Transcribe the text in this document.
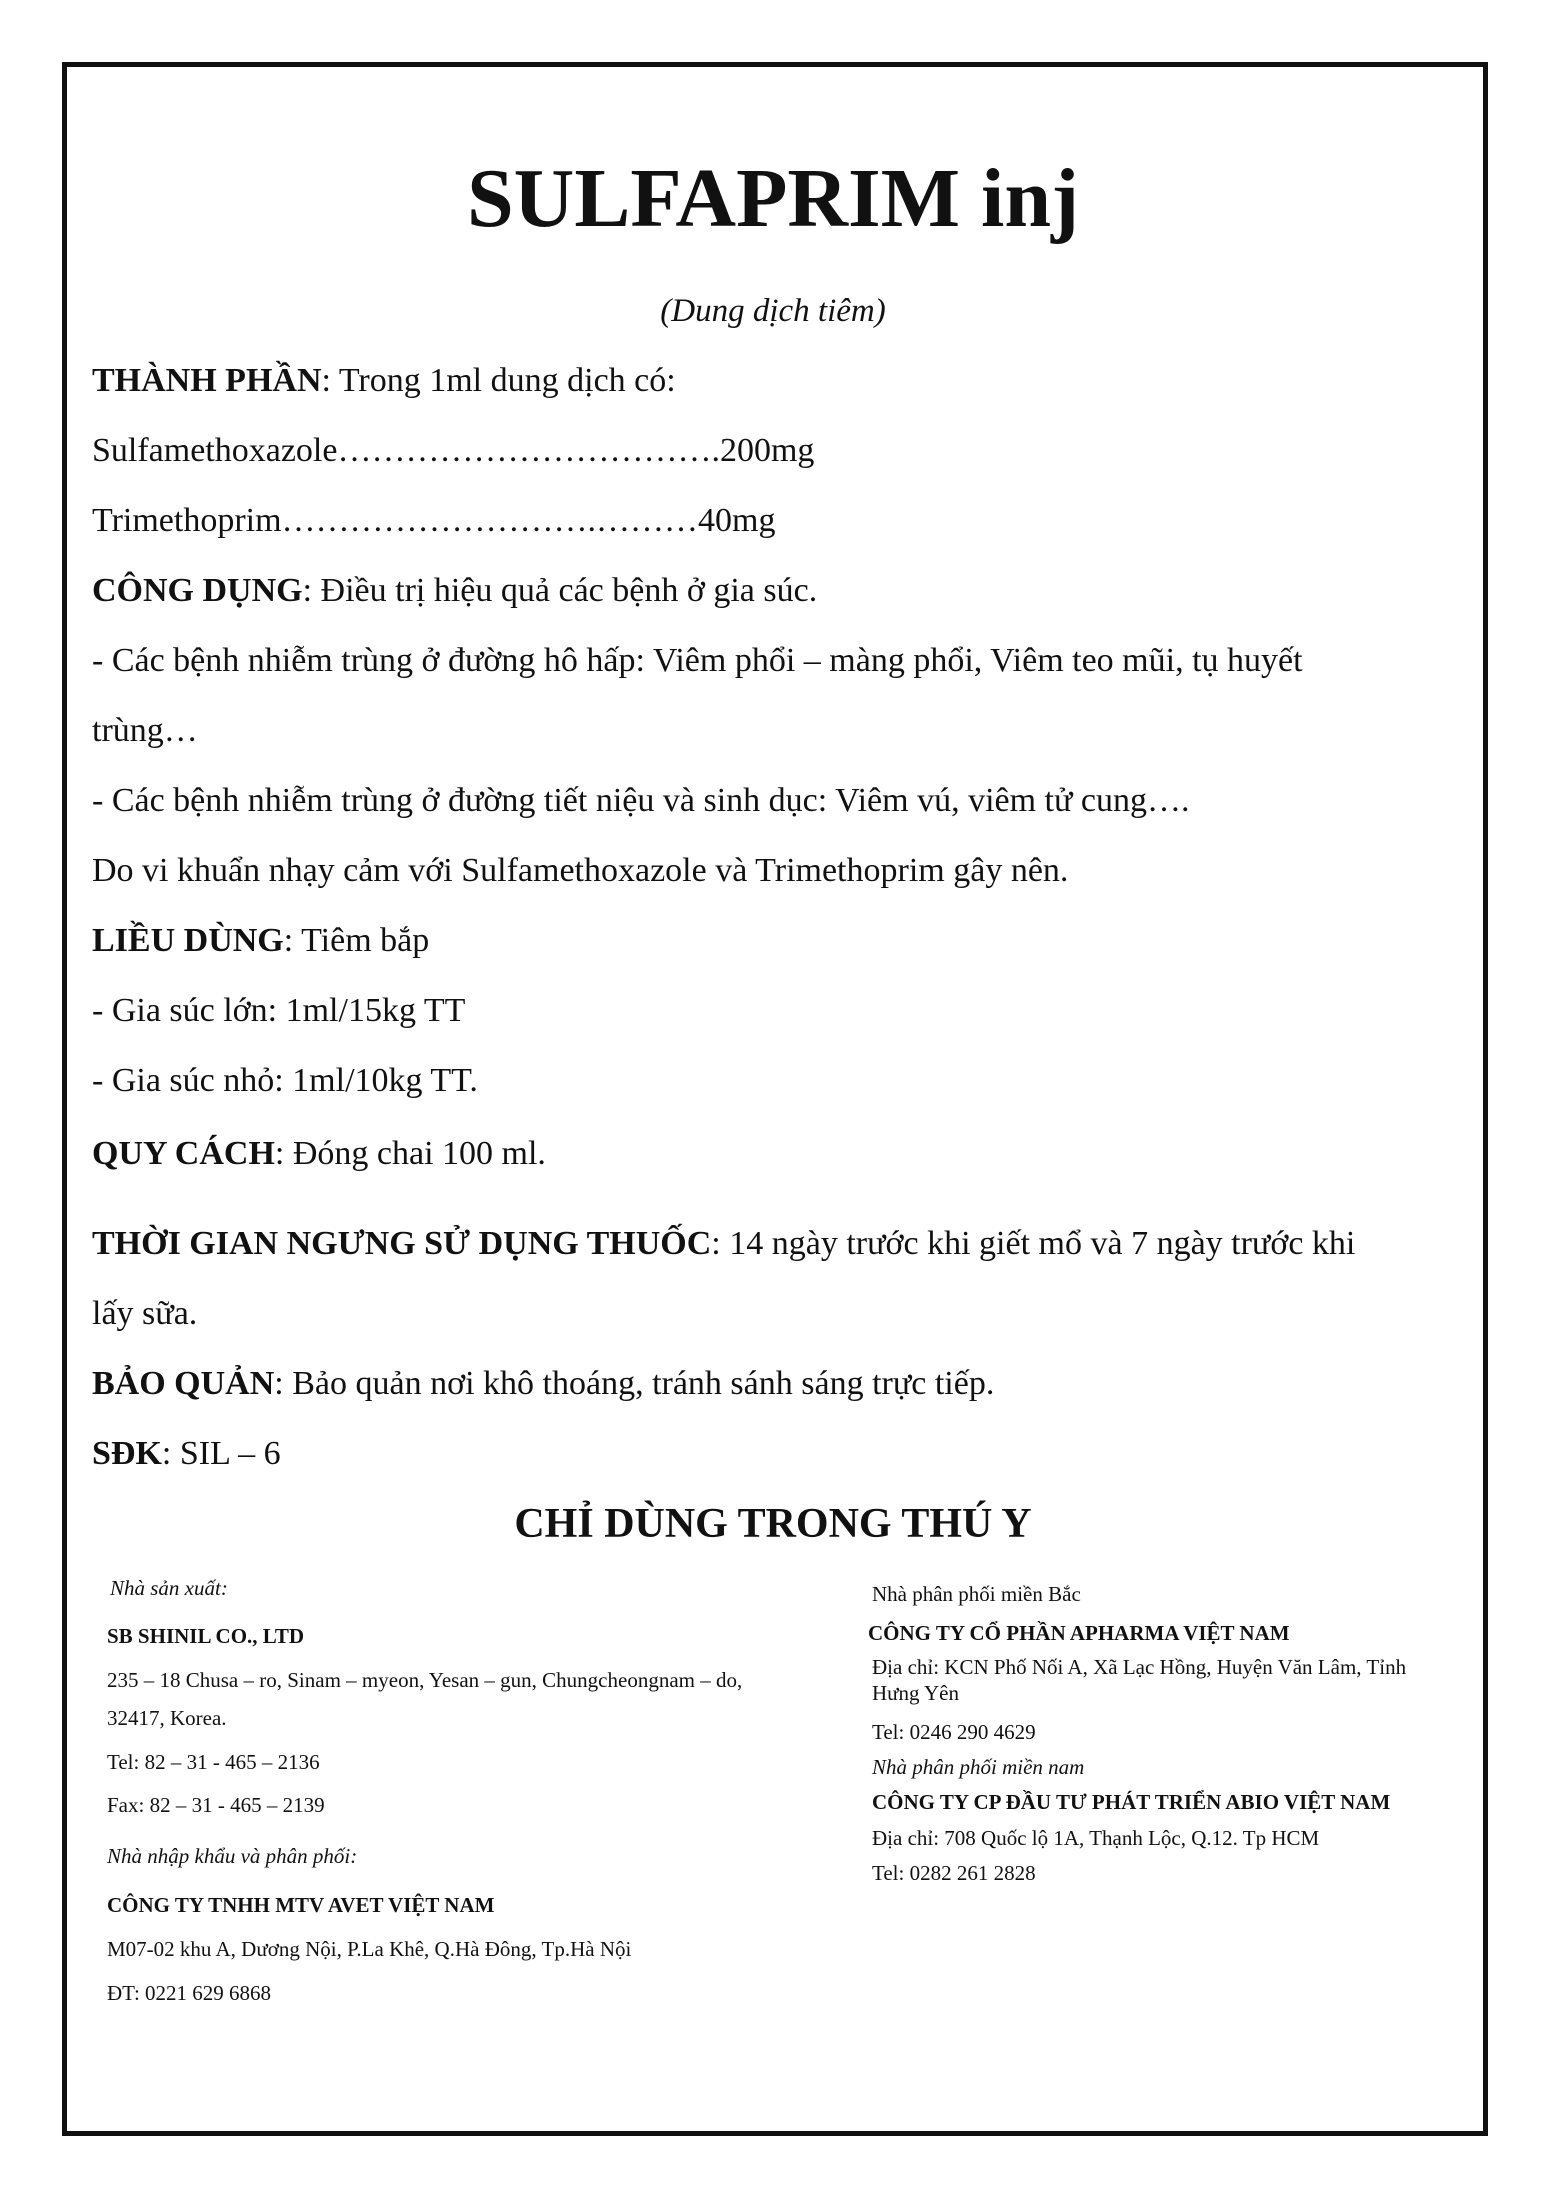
SULFAPRIM inj
(Dung dịch tiêm)
THÀNH PHẦN: Trong 1ml dung dịch có:
Sulfamethoxazole…………………………….200mg
Trimethoprim……………………….………40mg
CÔNG DỤNG: Điều trị hiệu quả các bệnh ở gia súc.
- Các bệnh nhiễm trùng ở đường hô hấp: Viêm phổi – màng phổi, Viêm teo mũi, tụ huyết
trùng…
- Các bệnh nhiễm trùng ở đường tiết niệu và sinh dục: Viêm vú, viêm tử cung….
Do vi khuẩn nhạy cảm với Sulfamethoxazole và Trimethoprim gây nên.
LIỀU DÙNG: Tiêm bắp
- Gia súc lớn: 1ml/15kg TT
- Gia súc nhỏ: 1ml/10kg TT.
QUY CÁCH: Đóng chai 100 ml.
THỜI GIAN NGƯNG SỬ DỤNG THUỐC: 14 ngày trước khi giết mổ và 7 ngày trước khi
lấy sữa.
BẢO QUẢN: Bảo quản nơi khô thoáng, tránh sánh sáng trực tiếp.
SĐK: SIL – 6
CHỈ DÙNG TRONG THÚ Y
Nhà sản xuất:
SB SHINIL CO., LTD
235 – 18 Chusa – ro, Sinam – myeon, Yesan – gun, Chungcheongnam – do,
32417, Korea.
Tel: 82 – 31 - 465 – 2136
Fax: 82 – 31 - 465 – 2139
Nhà nhập khẩu và phân phối:
CÔNG TY TNHH MTV AVET VIỆT NAM
M07-02 khu A, Dương Nội, P.La Khê, Q.Hà Đông, Tp.Hà Nội
ĐT: 0221 629 6868
Nhà phân phối miền Bắc
CÔNG TY CỔ PHẦN APHARMA VIỆT NAM
Địa chỉ: KCN Phố Nối A, Xã Lạc Hồng, Huyện Văn Lâm, Tỉnh
Hưng Yên
Tel: 0246 290 4629
Nhà phân phối miền nam
CÔNG TY CP ĐẦU TƯ PHÁT TRIỂN ABIO VIỆT NAM
Địa chỉ: 708 Quốc lộ 1A, Thạnh Lộc, Q.12. Tp HCM
Tel: 0282 261 2828
